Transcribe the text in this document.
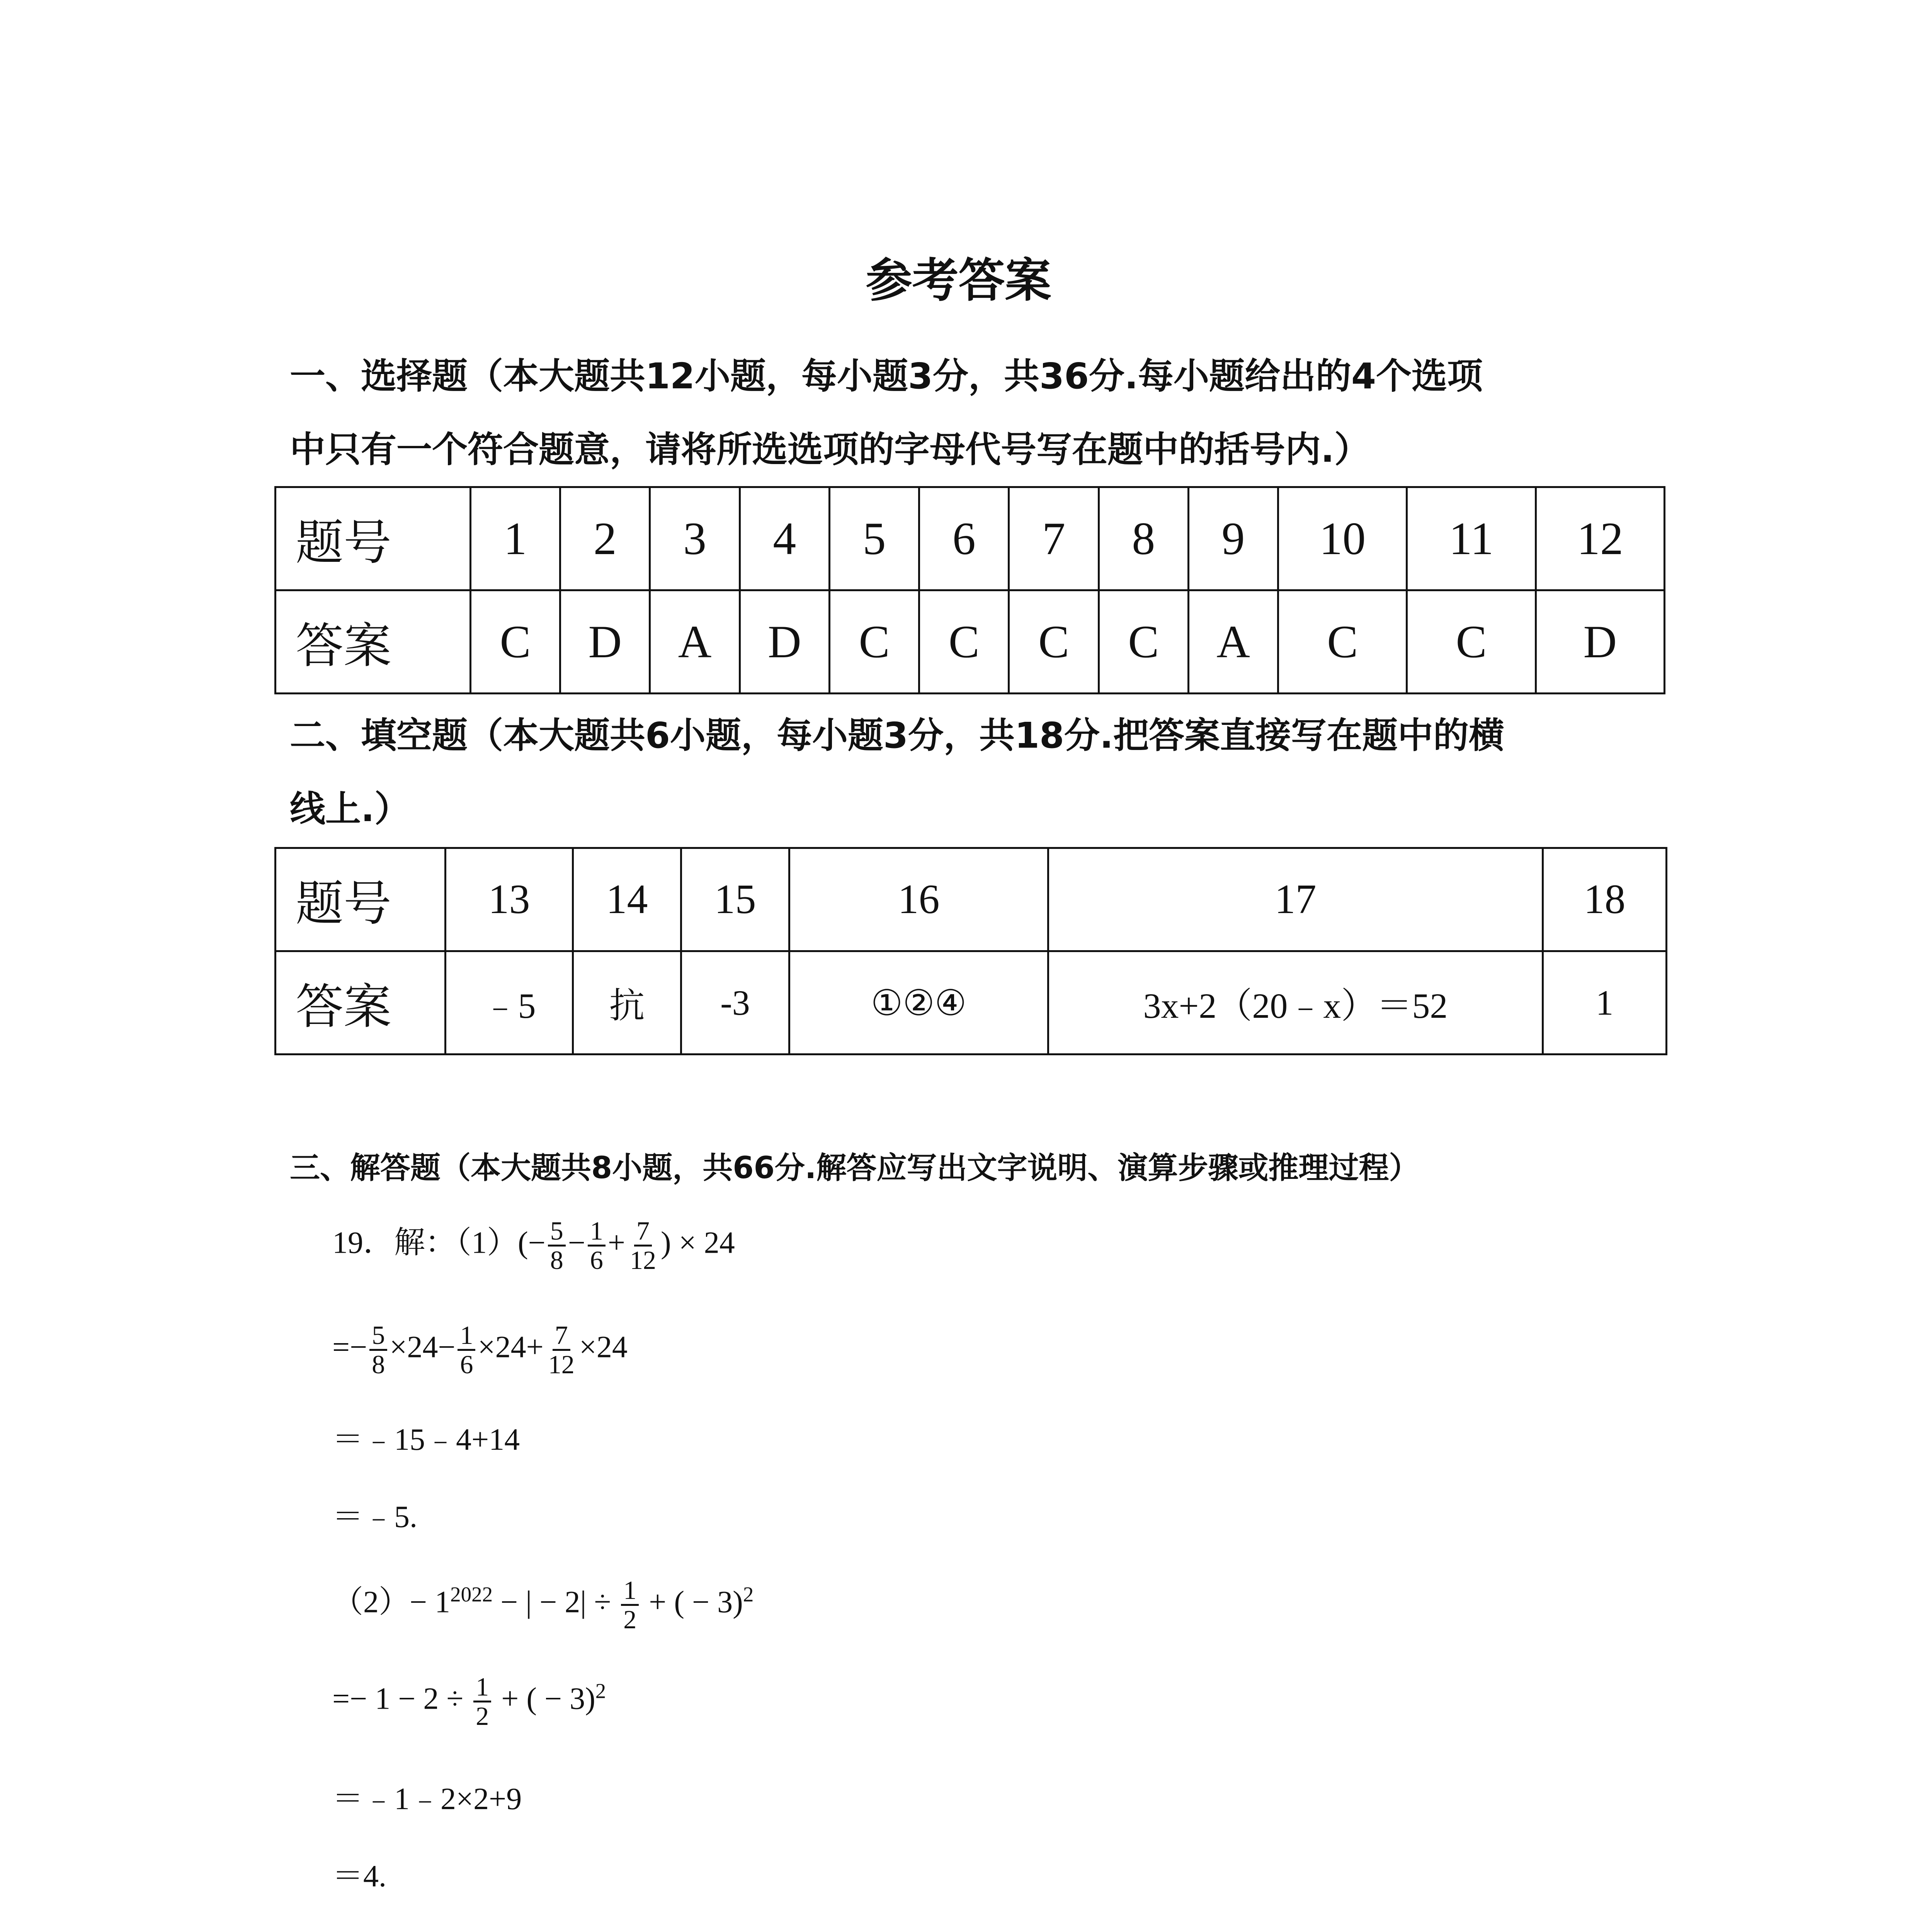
参考答案
一、选择题（本大题共12小题，每小题3分，共36分.每小题给出的4个选项
中只有一个符合题意，请将所选选项的字母代号写在题中的括号内.）
题号	1	2	3	4	5	6	7	8	9	10	11	12
答案	C	D	A	D	C	C	C	C	A	C	C	D
二、填空题（本大题共6小题，每小题3分，共18分.把答案直接写在题中的横
线上.）
题号	13	14	15	16	17	18
答案	﹣5	抗	-3	①②④	3x+2（20﹣x）＝52	1
三、解答题（本大题共8小题，共66分.解答应写出文字说明、演算步骤或推理过程）
19．解：$(1)(- \frac{5}{8} - \frac{1}{6} + \frac{7}{12}$ ) × 24
=− $\frac{5}{8} \times 24- \frac{1}{6} \times 24+ \frac{7}{12} \times 24$
＝﹣15﹣4+14
＝﹣5.
$(2)- 1^{2022}$ − | − $2| \div \frac{1}{2}$ + ( − 3)$^2$
=− $1 - 2 \div \frac{1}{2}$ + ( − 3)$^2$
＝﹣1﹣2×2+9
＝4.
